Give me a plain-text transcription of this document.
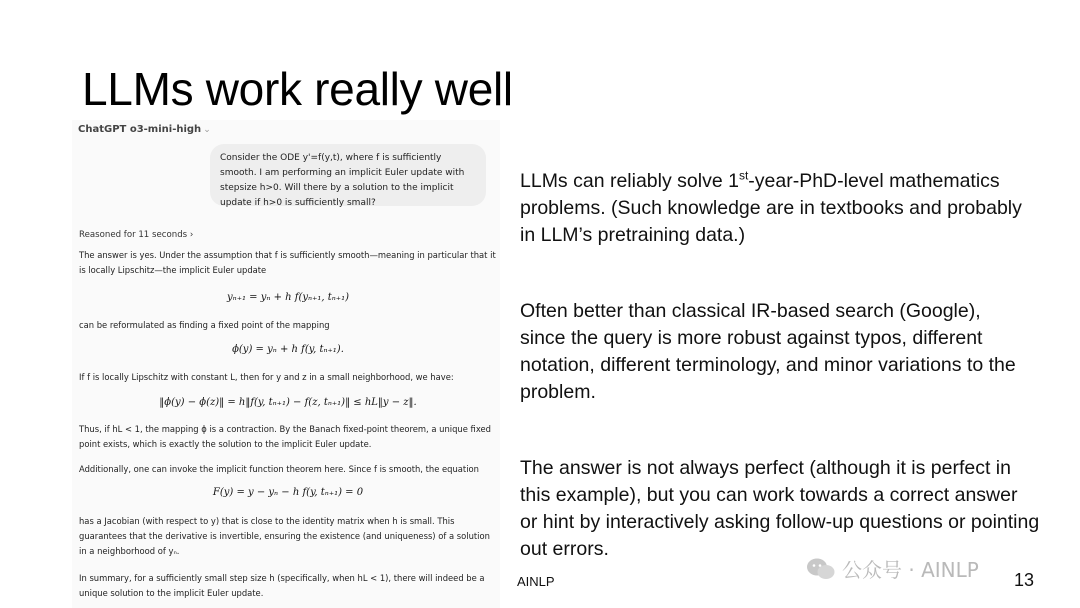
LLMs work really well
ChatGPT o3-mini-high ⌄
Consider the ODE y'=f(y,t), where f is sufficiently smooth. I am performing an implicit Euler update with stepsize h>0. Will there by a solution to the implicit update if h>0 is sufficiently small?
Reasoned for 11 seconds ›
The answer is yes. Under the assumption that f is sufficiently smooth—meaning in particular that it is locally Lipschitz—the implicit Euler update
yₙ₊₁ = yₙ + h f(yₙ₊₁, tₙ₊₁)
can be reformulated as finding a fixed point of the mapping
ϕ(y) = yₙ + h f(y, tₙ₊₁).
If f is locally Lipschitz with constant L, then for y and z in a small neighborhood, we have:
‖ϕ(y) − ϕ(z)‖ = h‖f(y, tₙ₊₁) − f(z, tₙ₊₁)‖ ≤ hL‖y − z‖.
Thus, if hL < 1, the mapping ϕ is a contraction. By the Banach fixed-point theorem, a unique fixed point exists, which is exactly the solution to the implicit Euler update.
Additionally, one can invoke the implicit function theorem here. Since f is smooth, the equation
F(y) = y − yₙ − h f(y, tₙ₊₁) = 0
has a Jacobian (with respect to y) that is close to the identity matrix when h is small. This guarantees that the derivative is invertible, ensuring the existence (and uniqueness) of a solution in a neighborhood of yₙ.
In summary, for a sufficiently small step size h (specifically, when hL < 1), there will indeed be a unique solution to the implicit Euler update.
LLMs can reliably solve 1st-year-PhD-level mathematics problems. (Such knowledge are in textbooks and probably in LLM’s pretraining data.)
Often better than classical IR-based search (Google), since the query is more robust against typos, different notation, different terminology, and minor variations to the problem.
The answer is not always perfect (although it is perfect in this example), but you can work towards a correct answer or hint by interactively asking follow-up questions or pointing out errors.
AINLP	公众号 · AINLP 13
